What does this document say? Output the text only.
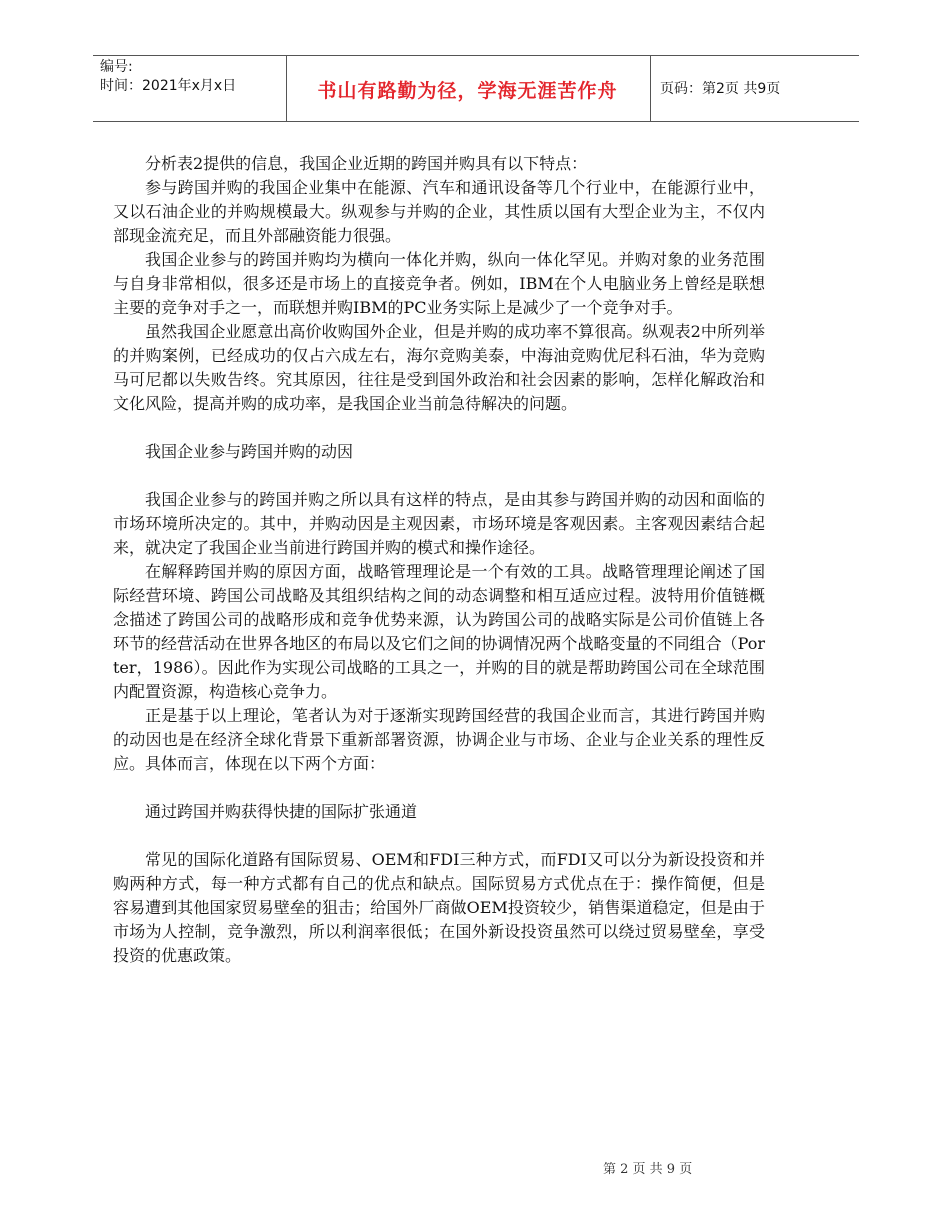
编号:
时间：2021年x月x日	书山有路勤为径，学海无涯苦作舟	页码：第2页 共9页

分析表2提供的信息，我国企业近期的跨国并购具有以下特点：

参与跨国并购的我国企业集中在能源、汽车和通讯设备等几个行业中，在能源行业中，又以石油企业的并购规模最大。纵观参与并购的企业，其性质以国有大型企业为主，不仅内部现金流充足，而且外部融资能力很强。

我国企业参与的跨国并购均为横向一体化并购，纵向一体化罕见。并购对象的业务范围与自身非常相似，很多还是市场上的直接竞争者。例如，IBM在个人电脑业务上曾经是联想主要的竞争对手之一，而联想并购IBM的PC业务实际上是减少了一个竞争对手。

虽然我国企业愿意出高价收购国外企业，但是并购的成功率不算很高。纵观表2中所列举的并购案例，已经成功的仅占六成左右，海尔竞购美泰，中海油竞购优尼科石油，华为竞购马可尼都以失败告终。究其原因，往往是受到国外政治和社会因素的影响，怎样化解政治和文化风险，提高并购的成功率，是我国企业当前急待解决的问题。

我国企业参与跨国并购的动因

我国企业参与的跨国并购之所以具有这样的特点，是由其参与跨国并购的动因和面临的市场环境所决定的。其中，并购动因是主观因素，市场环境是客观因素。主客观因素结合起来，就决定了我国企业当前进行跨国并购的模式和操作途径。

在解释跨国并购的原因方面，战略管理理论是一个有效的工具。战略管理理论阐述了国际经营环境、跨国公司战略及其组织结构之间的动态调整和相互适应过程。波特用价值链概念描述了跨国公司的战略形成和竞争优势来源，认为跨国公司的战略实际是公司价值链上各环节的经营活动在世界各地区的布局以及它们之间的协调情况两个战略变量的不同组合（Porter，1986）。因此作为实现公司战略的工具之一，并购的目的就是帮助跨国公司在全球范围内配置资源，构造核心竞争力。

正是基于以上理论，笔者认为对于逐渐实现跨国经营的我国企业而言，其进行跨国并购的动因也是在经济全球化背景下重新部署资源，协调企业与市场、企业与企业关系的理性反应。具体而言，体现在以下两个方面：

通过跨国并购获得快捷的国际扩张通道

常见的国际化道路有国际贸易、OEM和FDI三种方式，而FDI又可以分为新设投资和并购两种方式，每一种方式都有自己的优点和缺点。国际贸易方式优点在于：操作简便，但是容易遭到其他国家贸易壁垒的狙击；给国外厂商做OEM投资较少，销售渠道稳定，但是由于市场为人控制，竞争激烈，所以利润率很低；在国外新设投资虽然可以绕过贸易壁垒，享受投资的优惠政策。

第 2 页 共 9 页
